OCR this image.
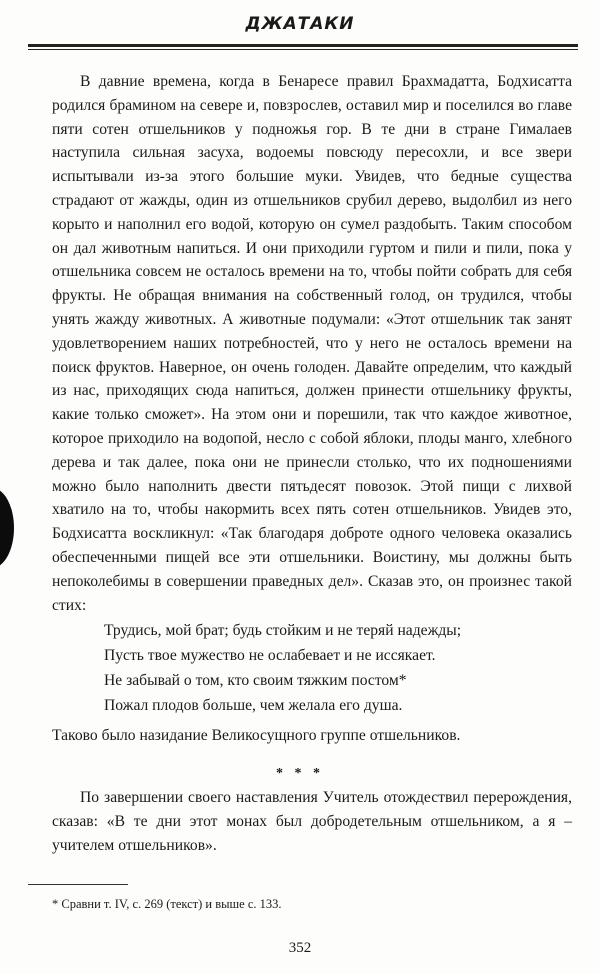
ДЖАТАКИ

В давние времена, когда в Бенаресе правил Брахмадатта, Бодхисатта родился брамином на севере и, повзрослев, оставил мир и поселился во главе пяти сотен отшельников у подножья гор. В те дни в стране Гималаев наступила сильная засуха, водоемы повсюду пересохли, и все звери испытывали из-за этого большие муки. Увидев, что бедные существа страдают от жажды, один из отшельников срубил дерево, выдолбил из него корыто и наполнил его водой, которую он сумел раздобыть. Таким способом он дал животным напиться. И они приходили гуртом и пили и пили, пока у отшельника совсем не осталось времени на то, чтобы пойти собрать для себя фрукты. Не обращая внимания на собственный голод, он трудился, чтобы унять жажду животных. А животные подумали: «Этот отшельник так занят удовлетворением наших потребностей, что у него не осталось времени на поиск фруктов. Наверное, он очень голоден. Давайте определим, что каждый из нас, приходящих сюда напиться, должен принести отшельнику фрукты, какие только сможет». На этом они и порешили, так что каждое животное, которое приходило на водопой, несло с собой яблоки, плоды манго, хлебного дерева и так далее, пока они не принесли столько, что их подношениями можно было наполнить двести пятьдесят повозок. Этой пищи с лихвой хватило на то, чтобы накормить всех пять сотен отшельников. Увидев это, Бодхисатта воскликнул: «Так благодаря доброте одного человека оказались обеспеченными пищей все эти отшельники. Воистину, мы должны быть непоколебимы в совершении праведных дел». Сказав это, он произнес такой стих:

Трудись, мой брат; будь стойким и не теряй надежды;
Пусть твое мужество не ослабевает и не иссякает.
Не забывай о том, кто своим тяжким постом*
Пожал плодов больше, чем желала его душа.
Таково было назидание Великосущного группе отшельников.
* * *

По завершении своего наставления Учитель отождествил перерождения, сказав: «В те дни этот монах был добродетельным отшельником, а я – учителем отшельников».

* Сравни т. IV, с. 269 (текст) и выше с. 133.
352
